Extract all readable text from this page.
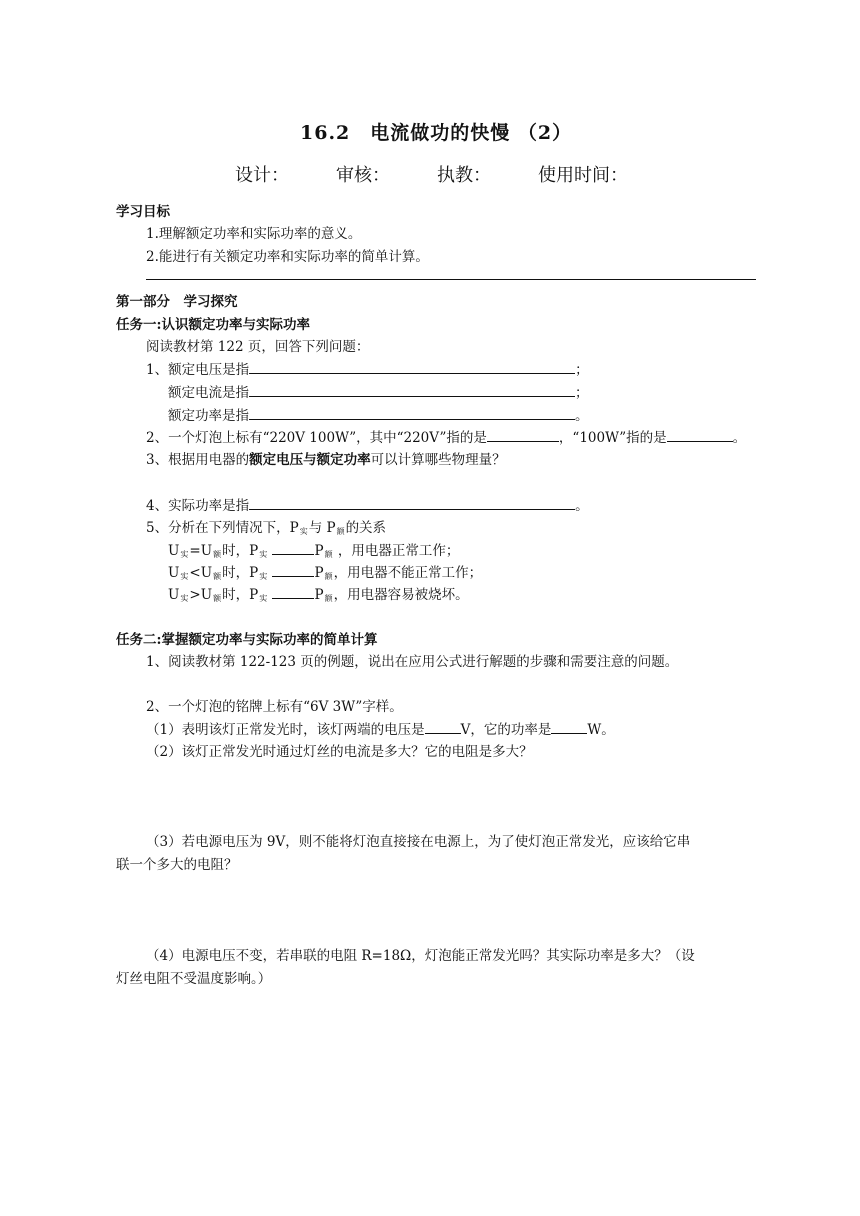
16.2　电流做功的快慢 （2）
设计：	审核：	执教：	使用时间：
学习目标
1.理解额定功率和实际功率的意义。
2.能进行有关额定功率和实际功率的简单计算。
第一部分　学习探究
任务一:认识额定功率与实际功率
阅读教材第 122 页，回答下列问题：
1、额定电压是指	；
额定电流是指	；
额定功率是指	。
2、一个灯泡上标有“220V 100W”，其中“220V”指的是	，“100W”指的是	。
3、根据用电器的额定电压与额定功率可以计算哪些物理量？
4、实际功率是指	。
5、分析在下列情况下，P实与 P额的关系
U实=U额时，P实	P额 ，用电器正常工作；
U实<U额时，P实	P额，用电器不能正常工作；
U实>U额时，P实	P额，用电器容易被烧坏。
任务二:掌握额定功率与实际功率的简单计算
1、阅读教材第 122-123 页的例题，说出在应用公式进行解题的步骤和需要注意的问题。
2、一个灯泡的铭牌上标有“6V 3W”字样。
（1）表明该灯正常发光时，该灯两端的电压是	V，它的功率是	W。
（2）该灯正常发光时通过灯丝的电流是多大？它的电阻是多大？
（3）若电源电压为 9V，则不能将灯泡直接接在电源上，为了使灯泡正常发光，应该给它串
联一个多大的电阻？
（4）电源电压不变，若串联的电阻 R=18Ω，灯泡能正常发光吗？其实际功率是多大？（设
灯丝电阻不受温度影响。）
